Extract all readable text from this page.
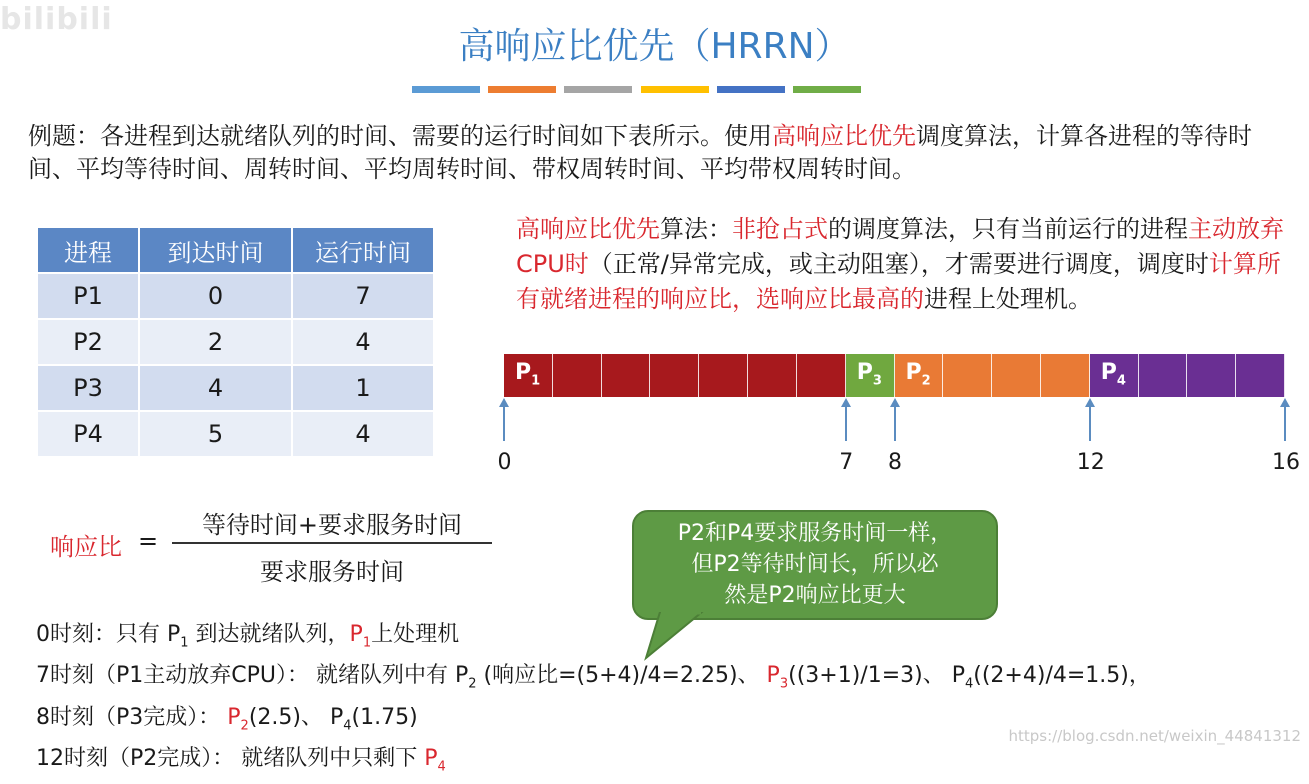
bilibili
高响应比优先（HRRN）
例题：各进程到达就绪队列的时间、需要的运行时间如下表所示。使用高响应比优先调度算法，计算各进程的等待时间、平均等待时间、周转时间、平均周转时间、带权周转时间、平均带权周转时间。
进程	到达时间	运行时间
P1	0	7
P2	2	4
P3	4	1
P4	5	4
高响应比优先算法：非抢占式的调度算法，只有当前运行的进程主动放弃CPU时（正常/异常完成，或主动阻塞），才需要进行调度，调度时计算所有就绪进程的响应比，选响应比最高的进程上处理机。
$P_1$	$P_3$ $P_2$	$P_4$
0	7 8	12	16
响应比 =
等待时间+要求服务时间
要求服务时间
P2和P4要求服务时间一样，
但P2等待时间长，所以必
然是P2响应比更大
0时刻：只有 $P_1$ 到达就绪队列，$P_1$上处理机
7时刻（P1主动放弃CPU）： 就绪队列中有 $P_2$ (响应比=(5+4)/4=2.25)、 $P_3((3+1)/1=3)$、 $P_4((2+4)/4=1.5)$，
8时刻（P3完成）： $P_2(2.5)$、 $P_4(1.75)$
12时刻（P2完成）： 就绪队列中只剩下 $P_4$
https://blog.csdn.net/weixin_44841312
